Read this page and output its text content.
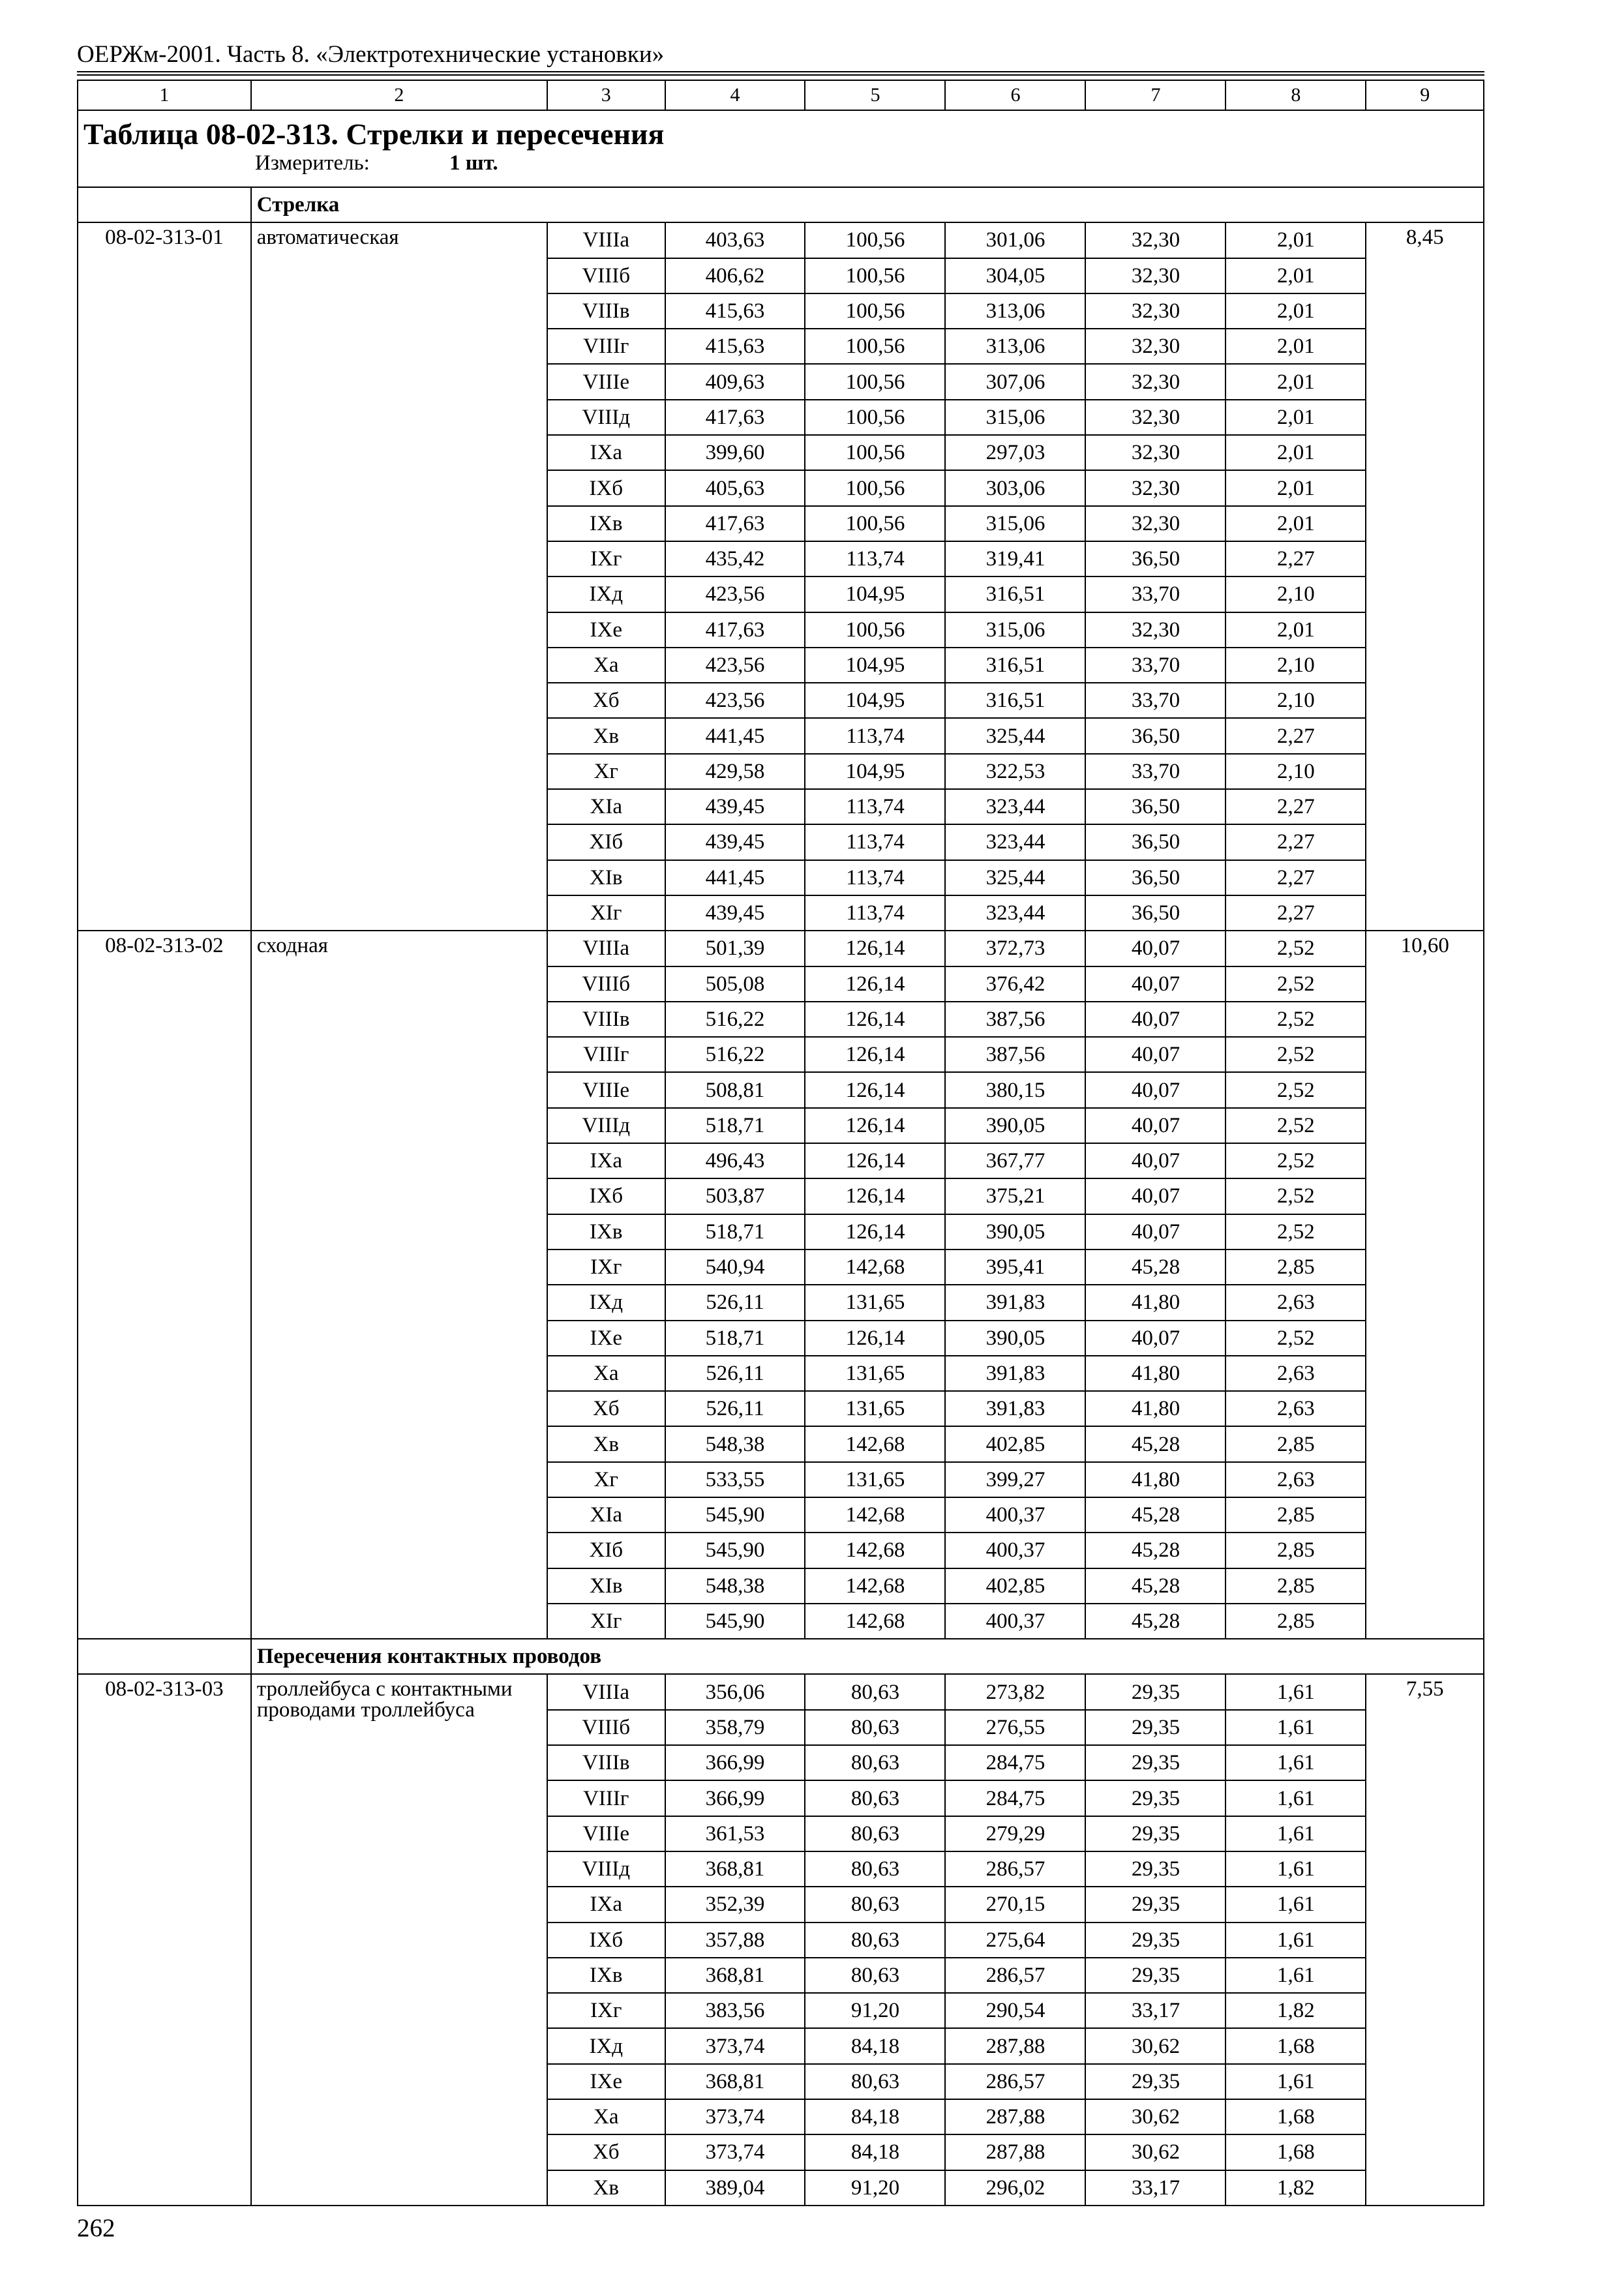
ОЕРЖм-2001. Часть 8. «Электротехнические установки»
1	2	3	4	5	6	7	8	9

Таблица 08-02-313. Стрелки и пересечения
Измеритель: 1 шт.								

	Стрелка							
08-02-313-01	автоматическая	VIIIа	403,63	100,56	301,06	32,30	2,01	8,45
		VIIIб	406,62	100,56	304,05	32,30	2,01	
		VIIIв	415,63	100,56	313,06	32,30	2,01	
		VIIIг	415,63	100,56	313,06	32,30	2,01	
		VIIIе	409,63	100,56	307,06	32,30	2,01	
		VIIIд	417,63	100,56	315,06	32,30	2,01	
		IXа	399,60	100,56	297,03	32,30	2,01	
		IXб	405,63	100,56	303,06	32,30	2,01	
		IXв	417,63	100,56	315,06	32,30	2,01	
		IXг	435,42	113,74	319,41	36,50	2,27	
		IXд	423,56	104,95	316,51	33,70	2,10	
		IXе	417,63	100,56	315,06	32,30	2,01	
		Xа	423,56	104,95	316,51	33,70	2,10	
		Xб	423,56	104,95	316,51	33,70	2,10	
		Xв	441,45	113,74	325,44	36,50	2,27	
		Xг	429,58	104,95	322,53	33,70	2,10	
		XIа	439,45	113,74	323,44	36,50	2,27	
		XIб	439,45	113,74	323,44	36,50	2,27	
		XIв	441,45	113,74	325,44	36,50	2,27	
		XIг	439,45	113,74	323,44	36,50	2,27	
08-02-313-02	сходная	VIIIа	501,39	126,14	372,73	40,07	2,52	10,60
		VIIIб	505,08	126,14	376,42	40,07	2,52	
		VIIIв	516,22	126,14	387,56	40,07	2,52	
		VIIIг	516,22	126,14	387,56	40,07	2,52	
		VIIIе	508,81	126,14	380,15	40,07	2,52	
		VIIIд	518,71	126,14	390,05	40,07	2,52	
		IXа	496,43	126,14	367,77	40,07	2,52	
		IXб	503,87	126,14	375,21	40,07	2,52	
		IXв	518,71	126,14	390,05	40,07	2,52	
		IXг	540,94	142,68	395,41	45,28	2,85	
		IXд	526,11	131,65	391,83	41,80	2,63	
		IXе	518,71	126,14	390,05	40,07	2,52	
		Xа	526,11	131,65	391,83	41,80	2,63	
		Xб	526,11	131,65	391,83	41,80	2,63	
		Xв	548,38	142,68	402,85	45,28	2,85	
		Xг	533,55	131,65	399,27	41,80	2,63	
		XIа	545,90	142,68	400,37	45,28	2,85	
		XIб	545,90	142,68	400,37	45,28	2,85	
		XIв	548,38	142,68	402,85	45,28	2,85	
		XIг	545,90	142,68	400,37	45,28	2,85	
	Пересечения контактных проводов							
08-02-313-03	троллейбуса с контактными проводами троллейбуса	VIIIа	356,06	80,63	273,82	29,35	1,61	7,55
		VIIIб	358,79	80,63	276,55	29,35	1,61	
		VIIIв	366,99	80,63	284,75	29,35	1,61	
		VIIIг	366,99	80,63	284,75	29,35	1,61	
		VIIIе	361,53	80,63	279,29	29,35	1,61	
		VIIIд	368,81	80,63	286,57	29,35	1,61	
		IXа	352,39	80,63	270,15	29,35	1,61	
		IXб	357,88	80,63	275,64	29,35	1,61	
		IXв	368,81	80,63	286,57	29,35	1,61	
		IXг	383,56	91,20	290,54	33,17	1,82	
		IXд	373,74	84,18	287,88	30,62	1,68	
		IXе	368,81	80,63	286,57	29,35	1,61	
		Xа	373,74	84,18	287,88	30,62	1,68	
		Xб	373,74	84,18	287,88	30,62	1,68	
		Xв	389,04	91,20	296,02	33,17	1,82	
262
